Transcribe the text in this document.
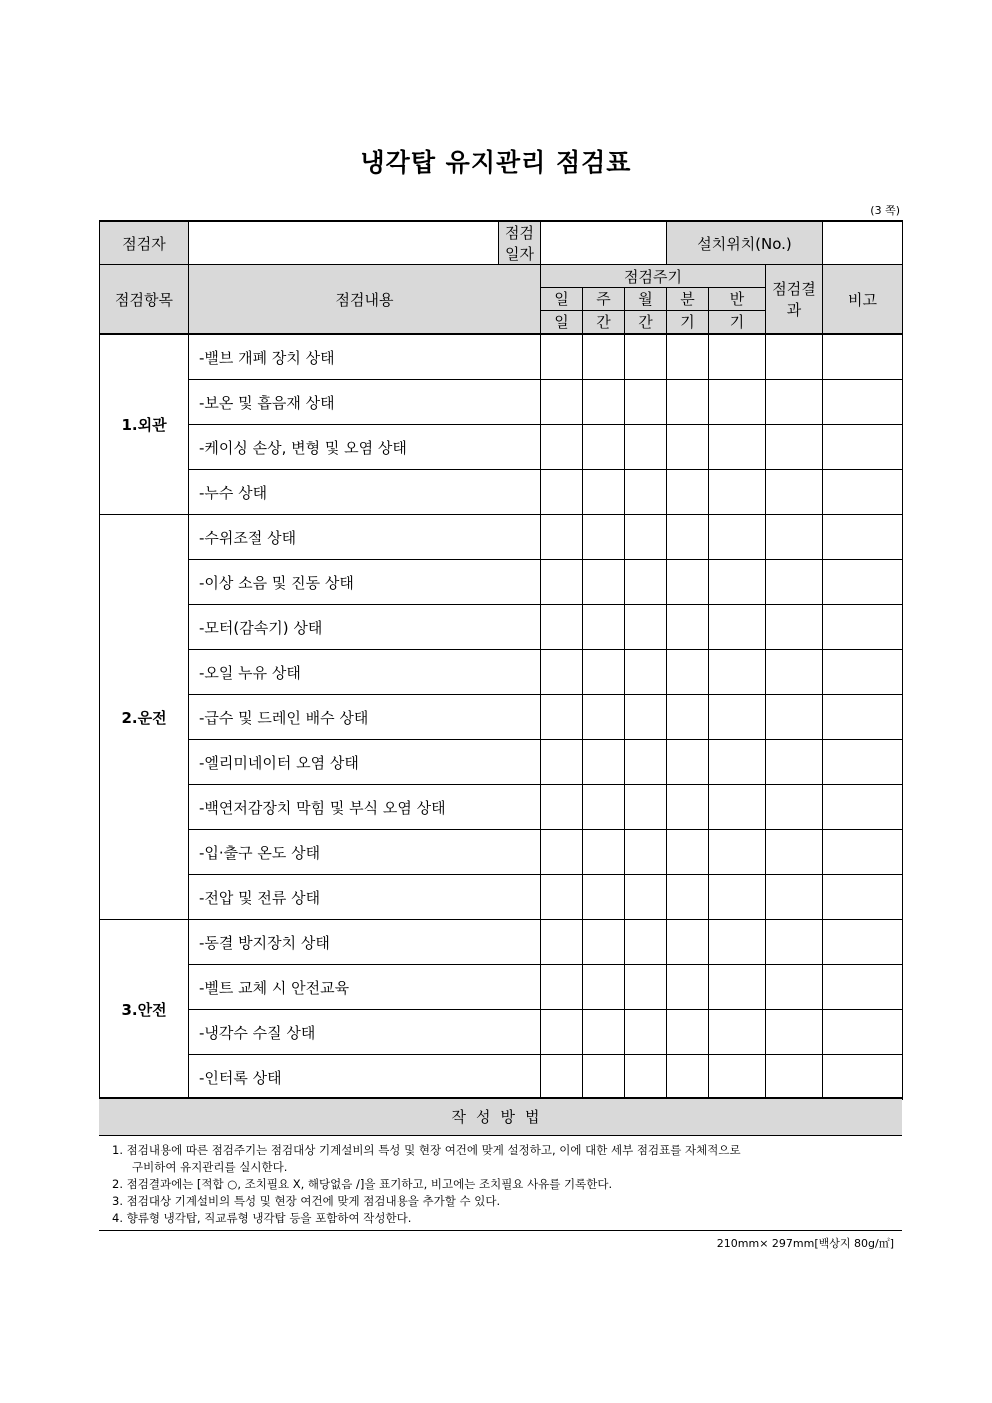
냉각탑 유지관리 점검표
(3 쪽)
점검자		점검일자				설치위치(No.)			
점검항목	점검내용		점검주기					점검결과	비고
			일	주	월	분	반		
			일	간	간	기	기		
1.외관	-밸브 개폐 장치 상태								
	-보온 및 흡음재 상태								
	-케이싱 손상, 변형 및 오염 상태								
	-누수 상태								
2.운전	-수위조절 상태								
	-이상 소음 및 진동 상태								
	-모터(감속기) 상태								
	-오일 누유 상태								
	-급수 및 드레인 배수 상태								
	-엘리미네이터 오염 상태								
	-백연저감장치 막힘 및 부식 오염 상태								
	-입·출구 온도 상태								
	-전압 및 전류 상태								
3.안전	-동결 방지장치 상태								
	-벨트 교체 시 안전교육								
	-냉각수 수질 상태								
	-인터록 상태								
작성방법
1. 점검내용에 따른 점검주기는 점검대상 기계설비의 특성 및 현장 여건에 맞게 설정하고, 이에 대한 세부 점검표를 자체적으로
구비하여 유지관리를 실시한다.
2. 점검결과에는 [적합 ○, 조치필요 X, 해당없음 /]을 표기하고, 비고에는 조치필요 사유를 기록한다.
3. 점검대상 기계설비의 특성 및 현장 여건에 맞게 점검내용을 추가할 수 있다.
4. 향류형 냉각탑, 직교류형 냉각탑 등을 포함하여 작성한다.
210mm× 297mm[백상지 80g/㎡]
